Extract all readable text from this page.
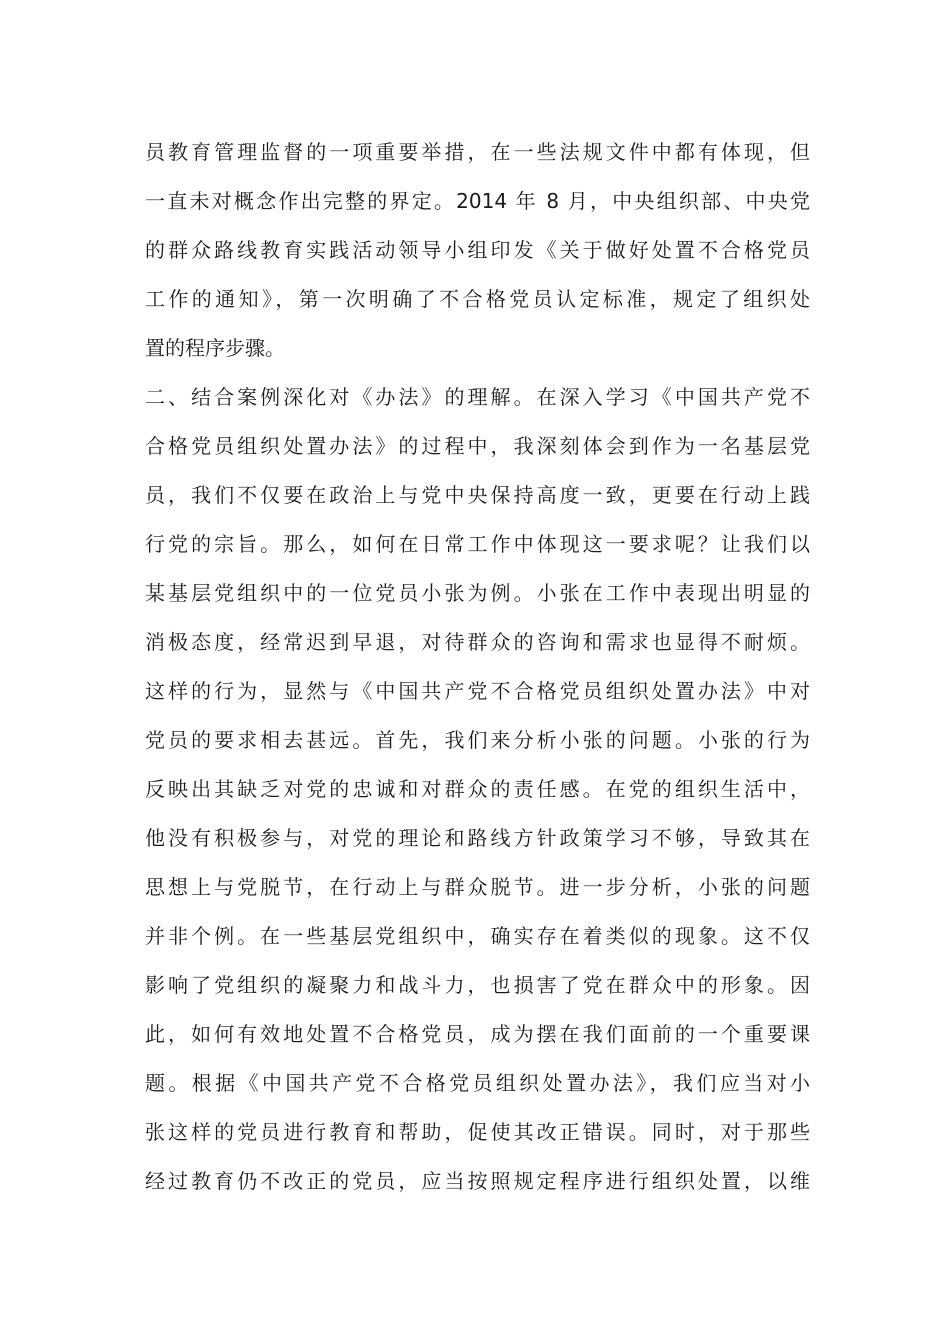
员教育管理监督的一项重要举措，在一些法规文件中都有体现，但
一直未对概念作出完整的界定。2014 年 8 月，中央组织部、中央党
的群众路线教育实践活动领导小组印发《关于做好处置不合格党员
工作的通知》，第一次明确了不合格党员认定标准，规定了组织处
置的程序步骤。
二、结合案例深化对《办法》的理解。在深入学习《中国共产党不
合格党员组织处置办法》的过程中，我深刻体会到作为一名基层党
员，我们不仅要在政治上与党中央保持高度一致，更要在行动上践
行党的宗旨。那么，如何在日常工作中体现这一要求呢？让我们以
某基层党组织中的一位党员小张为例。小张在工作中表现出明显的
消极态度，经常迟到早退，对待群众的咨询和需求也显得不耐烦。
这样的行为，显然与《中国共产党不合格党员组织处置办法》中对
党员的要求相去甚远。首先，我们来分析小张的问题。小张的行为
反映出其缺乏对党的忠诚和对群众的责任感。在党的组织生活中，
他没有积极参与，对党的理论和路线方针政策学习不够，导致其在
思想上与党脱节，在行动上与群众脱节。进一步分析，小张的问题
并非个例。在一些基层党组织中，确实存在着类似的现象。这不仅
影响了党组织的凝聚力和战斗力，也损害了党在群众中的形象。因
此，如何有效地处置不合格党员，成为摆在我们面前的一个重要课
题。根据《中国共产党不合格党员组织处置办法》，我们应当对小
张这样的党员进行教育和帮助，促使其改正错误。同时，对于那些
经过教育仍不改正的党员，应当按照规定程序进行组织处置，以维
